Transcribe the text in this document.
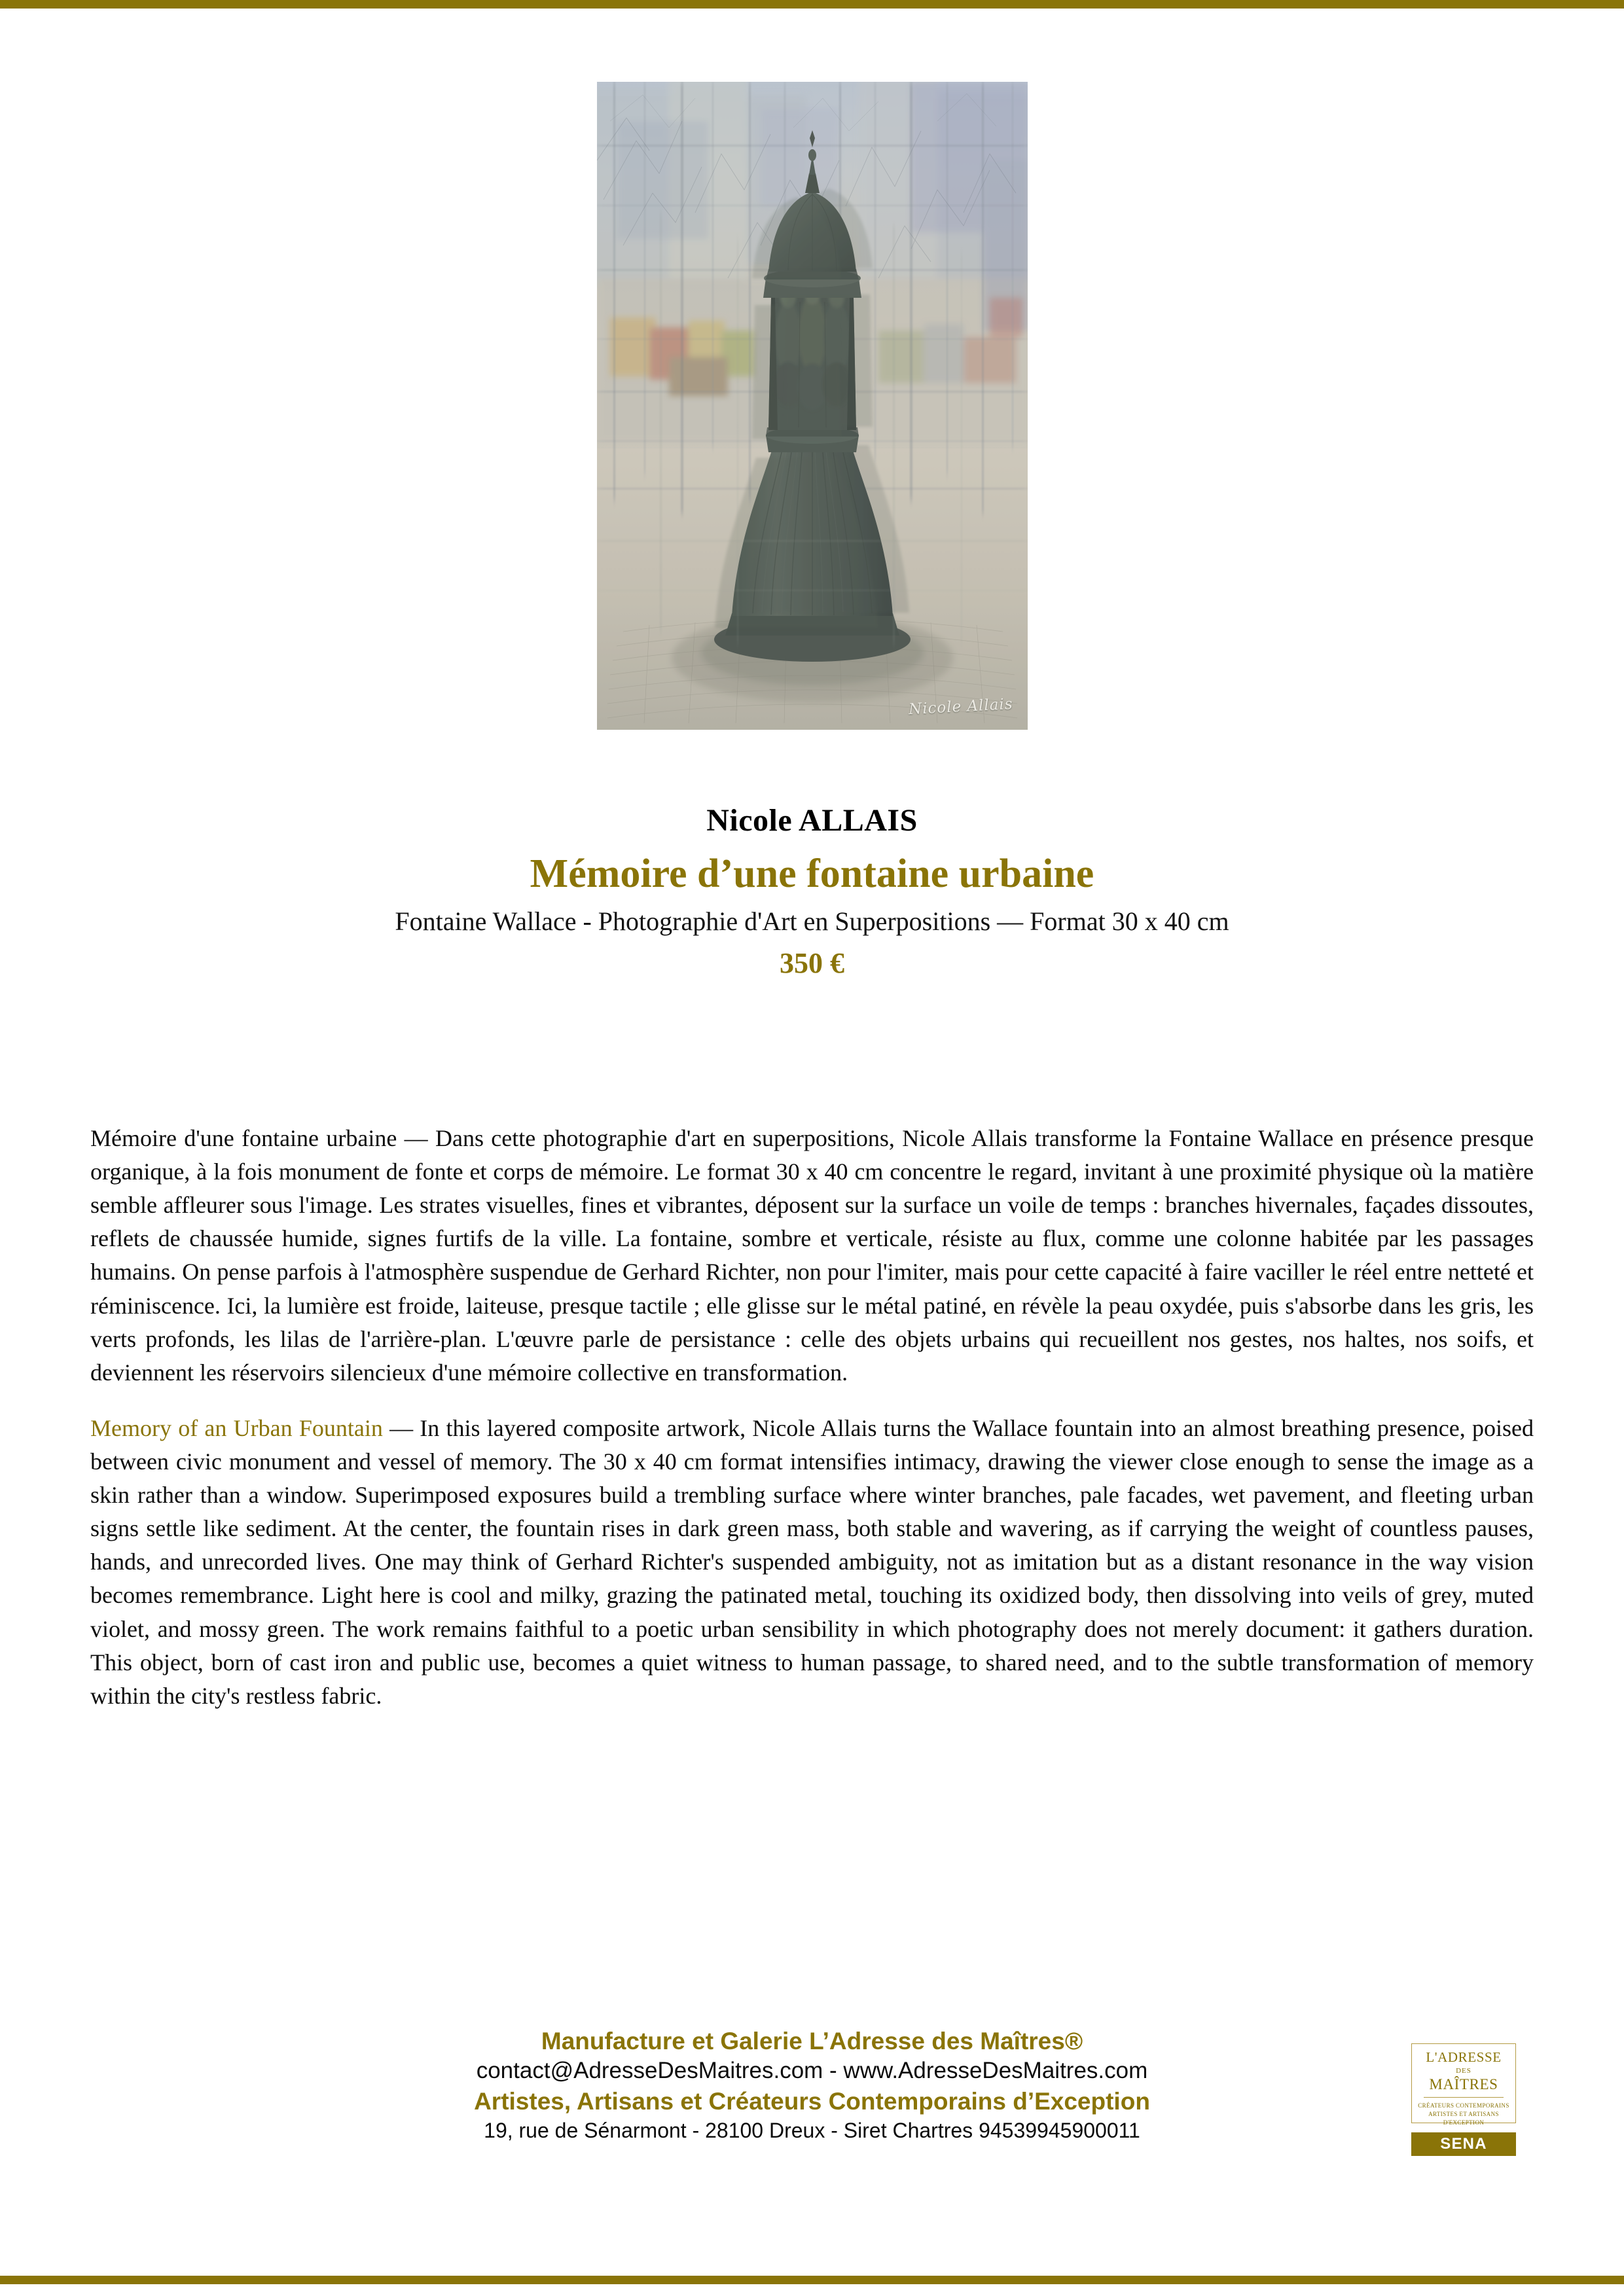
Nicole Allais
Nicole ALLAIS
Mémoire d’une fontaine urbaine
Fontaine Wallace - Photographie d'Art en Superpositions — Format 30 x 40 cm
350 €

Mémoire d'une fontaine urbaine — Dans cette photographie d'art en superpositions, Nicole Allais transforme la Fontaine Wallace en présence presque organique, à la fois monument de fonte et corps de mémoire. Le format 30 x 40 cm concentre le regard, invitant à une proximité physique où la matière semble affleurer sous l'image. Les strates visuelles, fines et vibrantes, déposent sur la surface un voile de temps : branches hivernales, façades dissoutes, reflets de chaussée humide, signes furtifs de la ville. La fontaine, sombre et verticale, résiste au flux, comme une colonne habitée par les passages humains. On pense parfois à l'atmosphère suspendue de Gerhard Richter, non pour l'imiter, mais pour cette capacité à faire vaciller le réel entre netteté et réminiscence. Ici, la lumière est froide, laiteuse, presque tactile ; elle glisse sur le métal patiné, en révèle la peau oxydée, puis s'absorbe dans les gris, les verts profonds, les lilas de l'arrière-plan. L'œuvre parle de persistance : celle des objets urbains qui recueillent nos gestes, nos haltes, nos soifs, et deviennent les réservoirs silencieux d'une mémoire collective en transformation.

Memory of an Urban Fountain — In this layered composite artwork, Nicole Allais turns the Wallace fountain into an almost breathing presence, poised between civic monument and vessel of memory. The 30 x 40 cm format intensifies intimacy, drawing the viewer close enough to sense the image as a skin rather than a window. Superimposed exposures build a trembling surface where winter branches, pale facades, wet pavement, and fleeting urban signs settle like sediment. At the center, the fountain rises in dark green mass, both stable and wavering, as if carrying the weight of countless pauses, hands, and unrecorded lives. One may think of Gerhard Richter's suspended ambiguity, not as imitation but as a distant resonance in the way vision becomes remembrance. Light here is cool and milky, grazing the patinated metal, touching its oxidized body, then dissolving into veils of grey, muted violet, and mossy green. The work remains faithful to a poetic urban sensibility in which photography does not merely document: it gathers duration. This object, born of cast iron and public use, becomes a quiet witness to human passage, to shared need, and to the subtle transformation of memory within the city's restless fabric.

Manufacture et Galerie L’Adresse des Maîtres®
contact@AdresseDesMaitres.com - www.AdresseDesMaitres.com
Artistes, Artisans et Créateurs Contemporains d’Exception
19, rue de Sénarmont - 28100 Dreux - Siret Chartres 94539945900011
L'ADRESSE
DES
MAÎTRES
CRÉATEURS CONTEMPORAINS
ARTISTES ET ARTISANS
D'EXCEPTION
SENA
